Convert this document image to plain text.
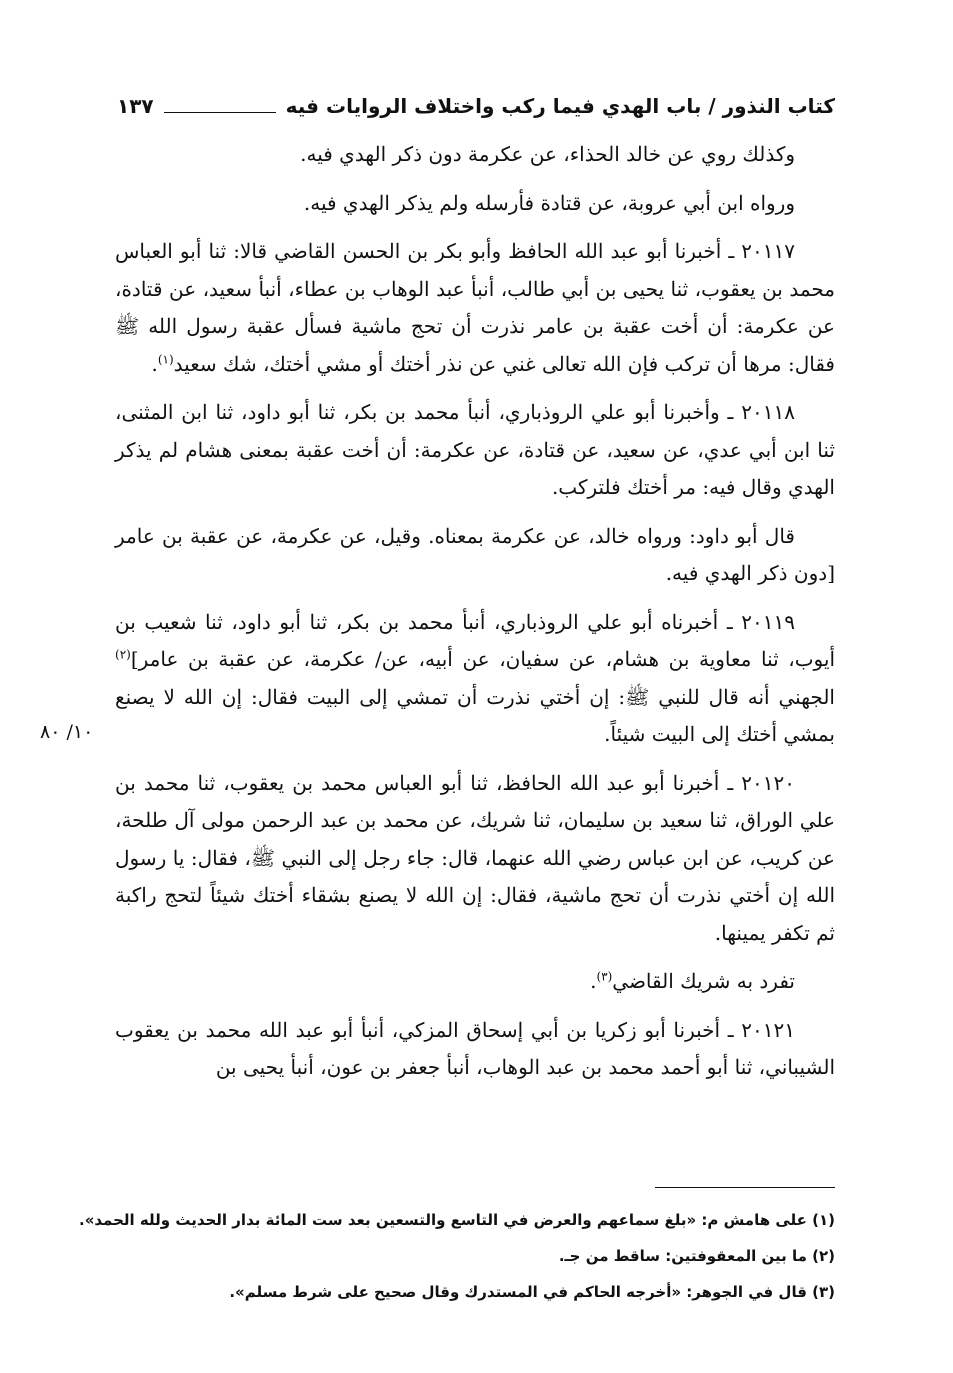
كتاب النذور / باب الهدي فيما ركب واختلاف الروايات فيه
١٣٧

وكذلك روي عن خالد الحذاء، عن عكرمة دون ذكر الهدي فيه.

ورواه ابن أبي عروبة، عن قتادة فأرسله ولم يذكر الهدي فيه.

٢٠١١٧ ـ أخبرنا أبو عبد الله الحافظ وأبو بكر بن الحسن القاضي قالا: ثنا أبو العباس محمد بن يعقوب، ثنا يحيى بن أبي طالب، أنبأ عبد الوهاب بن عطاء، أنبأ سعيد، عن قتادة، عن عكرمة: أن أخت عقبة بن عامر نذرت أن تحج ماشية فسأل عقبة رسول الله ﷺ فقال: مرها أن تركب فإن الله تعالى غني عن نذر أختك أو مشي أختك، شك سعيد$^{(١)}$.

٢٠١١٨ ـ وأخبرنا أبو علي الروذباري، أنبأ محمد بن بكر، ثنا أبو داود، ثنا ابن المثنى، ثنا ابن أبي عدي، عن سعيد، عن قتادة، عن عكرمة: أن أخت عقبة بمعنى هشام لم يذكر الهدي وقال فيه: مر أختك فلتركب.

قال أبو داود: ورواه خالد، عن عكرمة بمعناه. وقيل، عن عكرمة، عن عقبة بن عامر [دون ذكر الهدي فيه.

٢٠١١٩ ـ أخبرناه أبو علي الروذباري، أنبأ محمد بن بكر، ثنا أبو داود، ثنا شعيب بن أيوب، ثنا معاوية بن هشام، عن سفيان، عن أبيه، عن/ عكرمة، عن عقبة بن عامر]$^{(٢)}$ الجهني أنه قال للنبي ﷺ: إن أختي نذرت أن تمشي إلى البيت فقال: إن الله لا يصنع بمشي أختك إلى البيت شيئاً.

٢٠١٢٠ ـ أخبرنا أبو عبد الله الحافظ، ثنا أبو العباس محمد بن يعقوب، ثنا محمد بن علي الوراق، ثنا سعيد بن سليمان، ثنا شريك، عن محمد بن عبد الرحمن مولى آل طلحة، عن كريب، عن ابن عباس رضي الله عنهما، قال: جاء رجل إلى النبي ﷺ، فقال: يا رسول الله إن أختي نذرت أن تحج ماشية، فقال: إن الله لا يصنع بشقاء أختك شيئاً لتحج راكبة ثم تكفر يمينها.

تفرد به شريك القاضي$^{(٣)}$.

٢٠١٢١ ـ أخبرنا أبو زكريا بن أبي إسحاق المزكي، أنبأ أبو عبد الله محمد بن يعقوب الشيباني، ثنا أبو أحمد محمد بن عبد الوهاب، أنبأ جعفر بن عون، أنبأ يحيى بن

١٠/ ٨٠
(١) على هامش م: «بلغ سماعهم والعرض في التاسع والتسعين بعد ست المائة بدار الحديث ولله الحمد».
(٢) ما بين المعقوفتين: ساقط من جـ.
(٣) قال في الجوهر: «أخرجه الحاكم في المستدرك وقال صحيح على شرط مسلم».
